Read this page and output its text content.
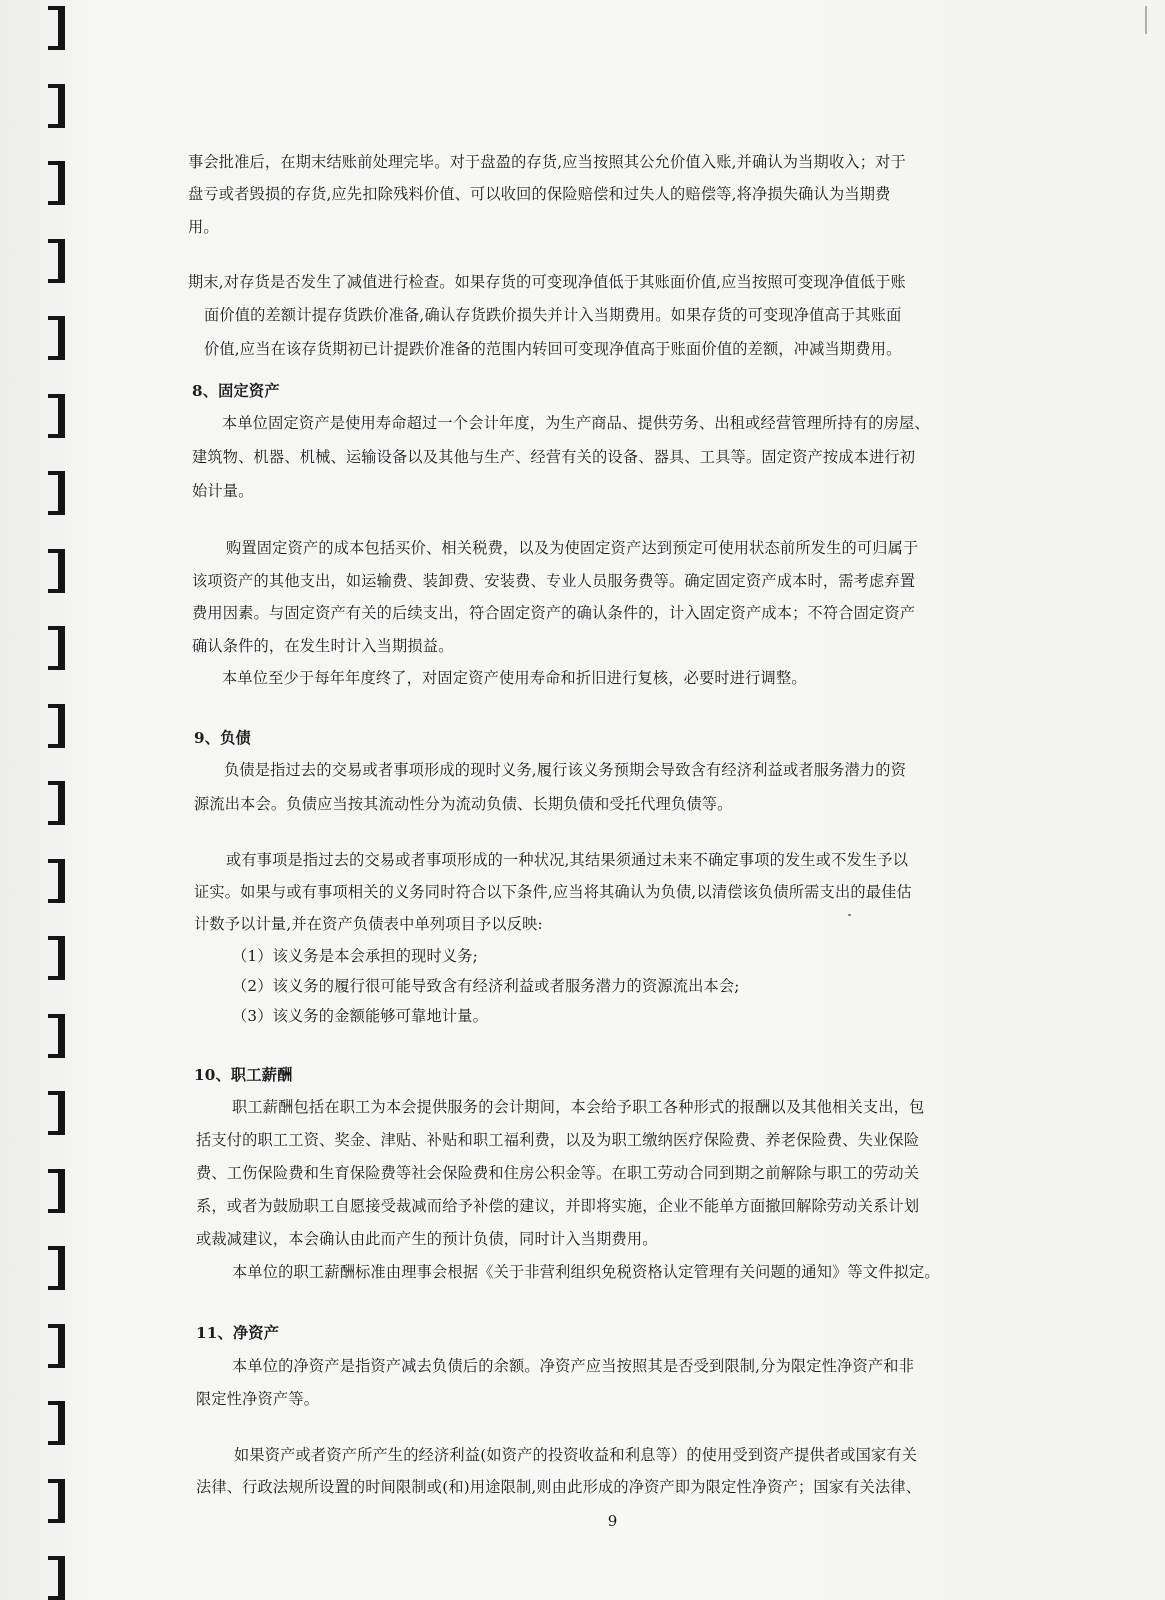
事会批准后，在期末结账前处理完毕。对于盘盈的存货,应当按照其公允价值入账,并确认为当期收入；对于
盘亏或者毁损的存货,应先扣除残料价值、可以收回的保险赔偿和过失人的赔偿等,将净损失确认为当期费
用。
期末,对存货是否发生了减值进行检查。如果存货的可变现净值低于其账面价值,应当按照可变现净值低于账
面价值的差额计提存货跌价准备,确认存货跌价损失并计入当期费用。如果存货的可变现净值高于其账面
价值,应当在该存货期初已计提跌价准备的范围内转回可变现净值高于账面价值的差额，冲减当期费用。
8、固定资产
本单位固定资产是使用寿命超过一个会计年度，为生产商品、提供劳务、出租或经营管理所持有的房屋、
建筑物、机器、机械、运输设备以及其他与生产、经营有关的设备、器具、工具等。固定资产按成本进行初
始计量。
购置固定资产的成本包括买价、相关税费，以及为使固定资产达到预定可使用状态前所发生的可归属于
该项资产的其他支出，如运输费、装卸费、安装费、专业人员服务费等。确定固定资产成本时，需考虑弃置
费用因素。与固定资产有关的后续支出，符合固定资产的确认条件的，计入固定资产成本；不符合固定资产
确认条件的，在发生时计入当期损益。
本单位至少于每年年度终了，对固定资产使用寿命和折旧进行复核，必要时进行调整。
9、负债
负债是指过去的交易或者事项形成的现时义务,履行该义务预期会导致含有经济利益或者服务潜力的资
源流出本会。负债应当按其流动性分为流动负债、长期负债和受托代理负债等。
或有事项是指过去的交易或者事项形成的一种状况,其结果须通过未来不确定事项的发生或不发生予以
证实。如果与或有事项相关的义务同时符合以下条件,应当将其确认为负债,以清偿该负债所需支出的最佳估
计数予以计量,并在资产负债表中单列项目予以反映:
（1）该义务是本会承担的现时义务;
（2）该义务的履行很可能导致含有经济利益或者服务潜力的资源流出本会;
（3）该义务的金额能够可靠地计量。
10、职工薪酬
职工薪酬包括在职工为本会提供服务的会计期间，本会给予职工各种形式的报酬以及其他相关支出，包
括支付的职工工资、奖金、津贴、补贴和职工福利费，以及为职工缴纳医疗保险费、养老保险费、失业保险
费、工伤保险费和生育保险费等社会保险费和住房公积金等。在职工劳动合同到期之前解除与职工的劳动关
系，或者为鼓励职工自愿接受裁减而给予补偿的建议，并即将实施，企业不能单方面撤回解除劳动关系计划
或裁减建议，本会确认由此而产生的预计负债，同时计入当期费用。
本单位的职工薪酬标准由理事会根据《关于非营利组织免税资格认定管理有关问题的通知》等文件拟定。
11、净资产
本单位的净资产是指资产减去负债后的余额。净资产应当按照其是否受到限制,分为限定性净资产和非
限定性净资产等。
如果资产或者资产所产生的经济利益(如资产的投资收益和利息等）的使用受到资产提供者或国家有关
法律、行政法规所设置的时间限制或(和)用途限制,则由此形成的净资产即为限定性净资产；国家有关法律、
9
